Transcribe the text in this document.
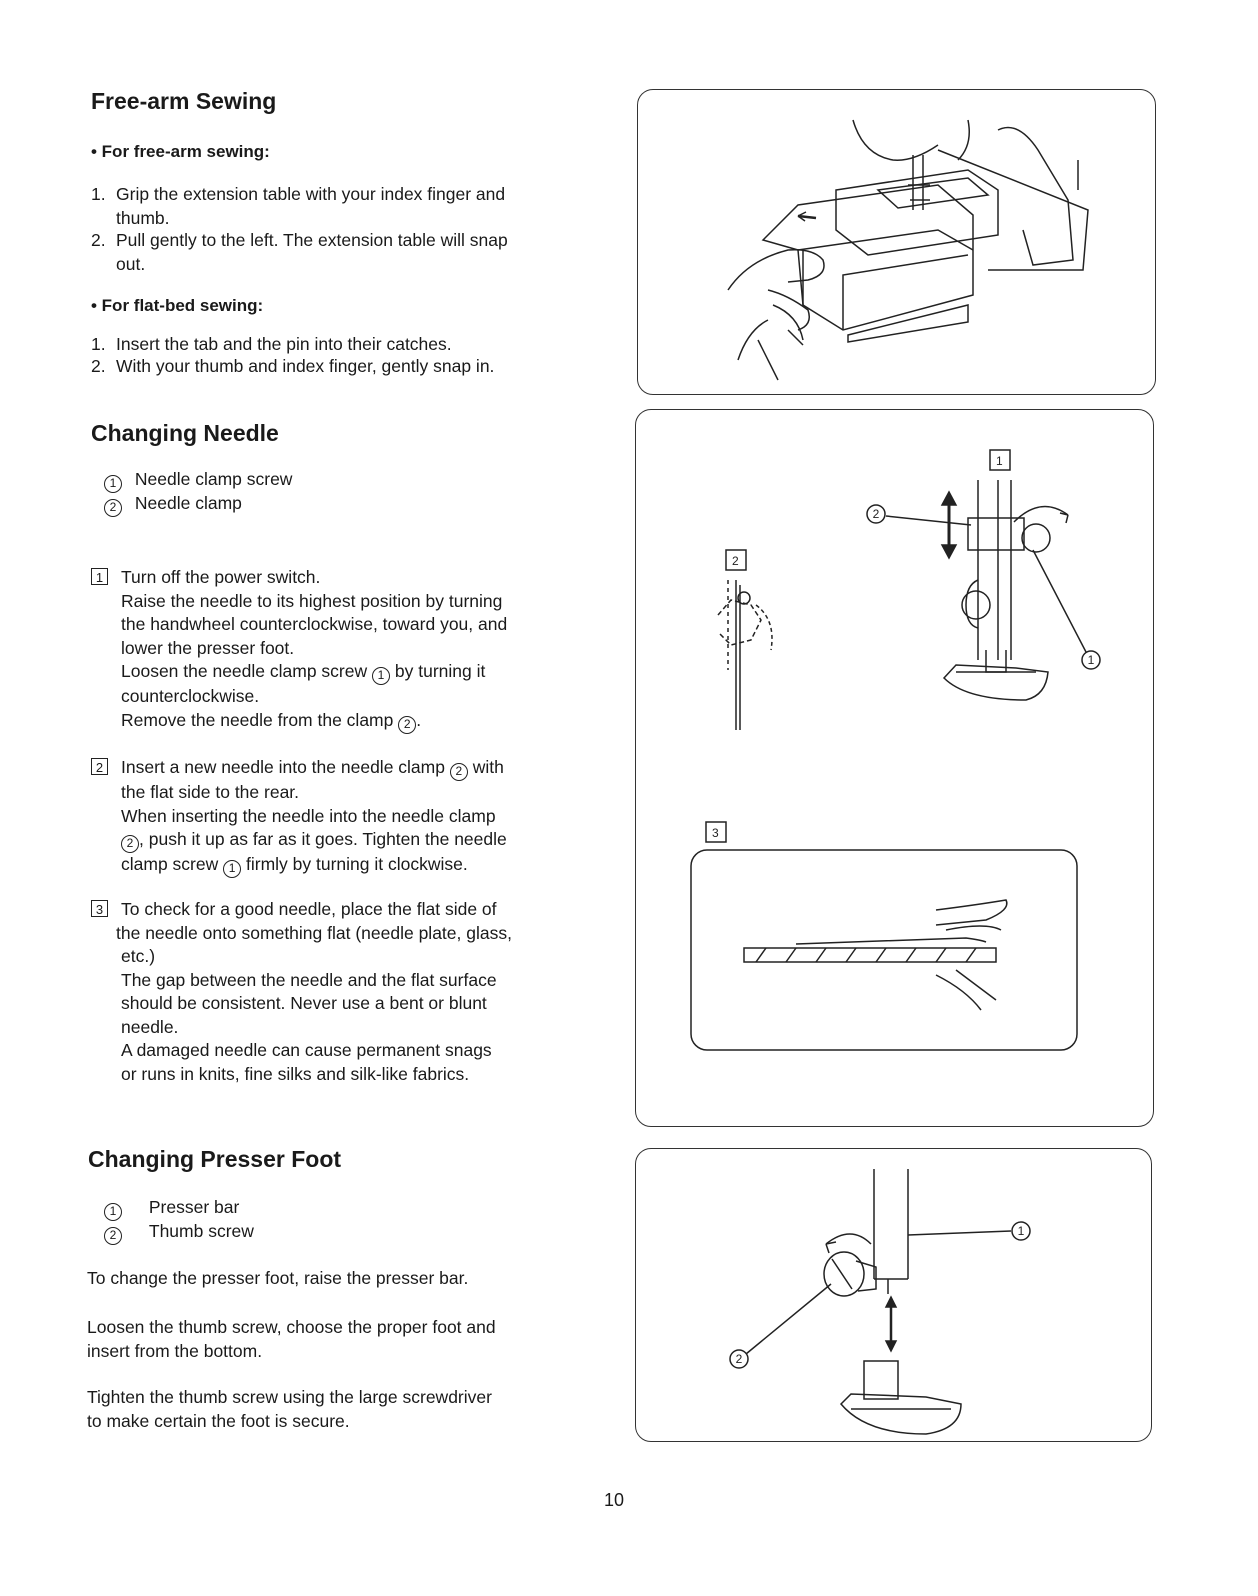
Free-arm Sewing

• For free-arm sewing:

1. Grip the extension table with your index finger and
thumb.
2. Pull gently to the left. The extension table will snap
out.

• For flat-bed sewing:

1. Insert the tab and the pin into their catches.
2. With your thumb and index finger, gently snap in.
Changing Needle
1 Needle clamp screw
2 Needle clamp
1 Turn off the power switch.
Raise the needle to its highest position by turning
the handwheel counterclockwise, toward you, and
lower the presser foot.
Loosen the needle clamp screw 1 by turning it
counterclockwise.
Remove the needle from the clamp 2 .
2 Insert a new needle into the needle clamp 2 with
the flat side to the rear.
When inserting the needle into the needle clamp
2 , push it up as far as it goes. Tighten the needle
clamp screw 1 firmly by turning it clockwise.
3 To check for a good needle, place the flat side of
the needle onto something flat (needle plate, glass,
etc.)
The gap between the needle and the flat surface
should be consistent. Never use a bent or blunt
needle.
A damaged needle can cause permanent snags
or runs in knits, fine silks and silk-like fabrics.
Changing Presser Foot
1 Presser bar
2 Thumb screw

To change the presser foot, raise the presser bar.

Loosen the thumb screw, choose the proper foot and
insert from the bottom.

Tighten the thumb screw using the large screwdriver
to make certain the foot is secure.

1
2
3
2
1
1
2
10
